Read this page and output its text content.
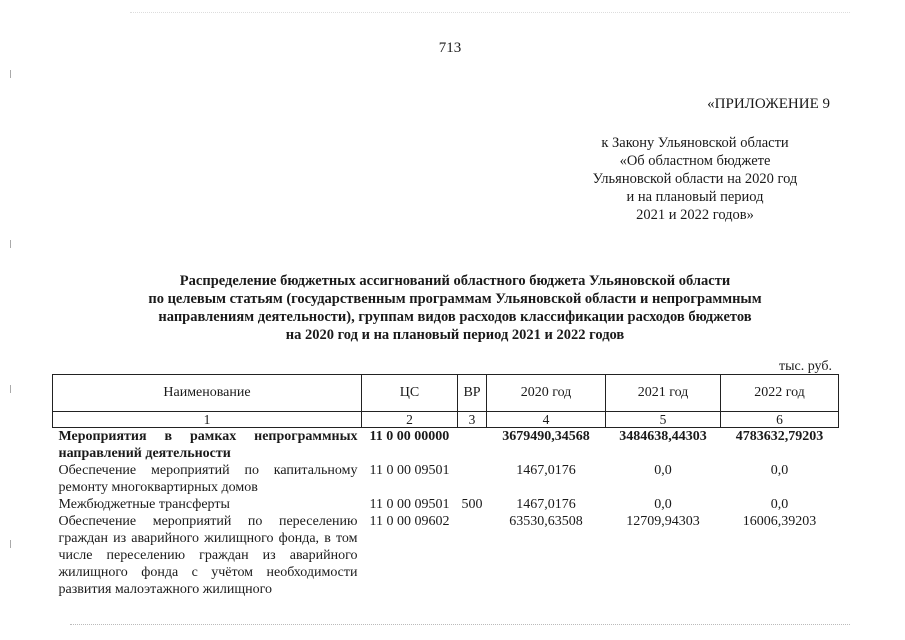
713
«ПРИЛОЖЕНИЕ 9
к Закону Ульяновской области
«Об областном бюджете
Ульяновской области на 2020 год
и на плановый период
2021 и 2022 годов»
Распределение бюджетных ассигнований областного бюджета Ульяновской области
по целевым статьям (государственным программам Ульяновской области и непрограммным
направлениям деятельности), группам видов расходов классификации расходов бюджетов
на 2020 год и на плановый период 2021 и 2022 годов
тыс. руб.
Наименование	ЦС	ВР	2020 год	2021 год	2022 год
1	2	3	4	5	6
Мероприятия в рамках непрограммных направлений деятельности	11 0 00 00000		3679490,34568	3484638,44303	4783632,79203
Обеспечение мероприятий по капитальному ремонту многоквартирных домов	11 0 00 09501		1467,0176	0,0	0,0
Межбюджетные трансферты	11 0 00 09501	500	1467,0176	0,0	0,0
Обеспечение мероприятий по переселению граждан из аварийного жилищного фонда, в том числе переселению граждан из аварийного жилищного фонда с учётом необходимости развития малоэтажного жилищного	11 0 00 09602		63530,63508	12709,94303	16006,39203
